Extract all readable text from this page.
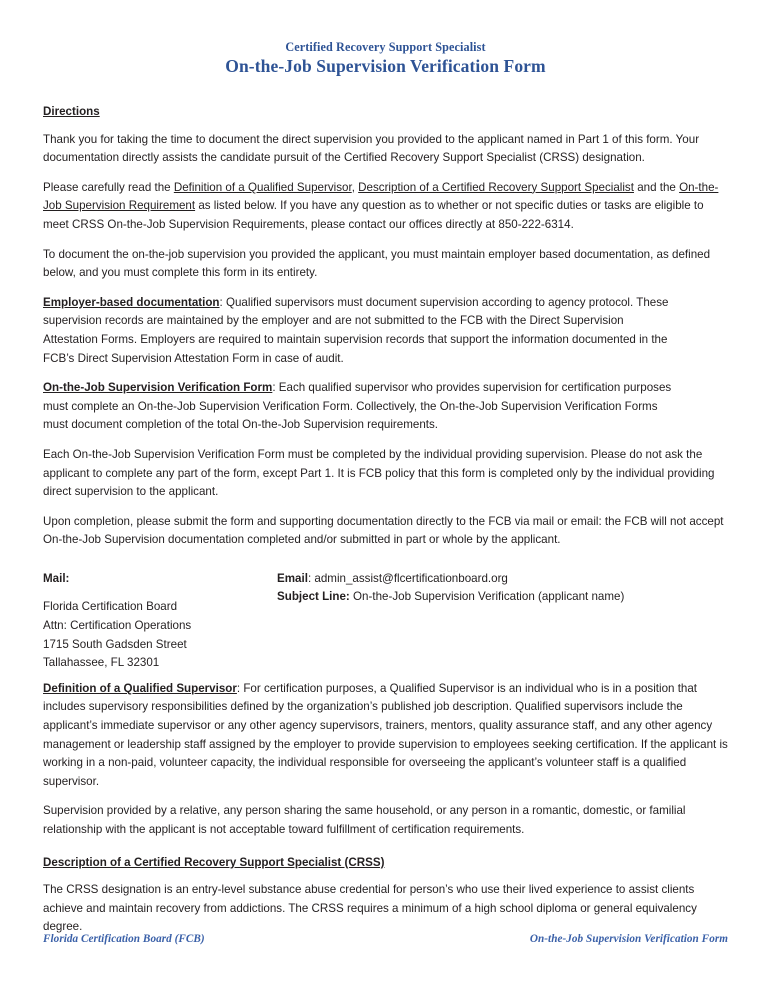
Certified Recovery Support Specialist
On-the-Job Supervision Verification Form
Directions

Thank you for taking the time to document the direct supervision you provided to the applicant named in Part 1 of this form. Your documentation directly assists the candidate pursuit of the Certified Recovery Support Specialist (CRSS) designation.

Please carefully read the Definition of a Qualified Supervisor, Description of a Certified Recovery Support Specialist and the On-the-Job Supervision Requirement as listed below. If you have any question as to whether or not specific duties or tasks are eligible to meet CRSS On-the-Job Supervision Requirements, please contact our offices directly at 850-222-6314.

To document the on-the-job supervision you provided the applicant, you must maintain employer based documentation, as defined below, and you must complete this form in its entirety.

Employer-based documentation: Qualified supervisors must document supervision according to agency protocol. These supervision records are maintained by the employer and are not submitted to the FCB with the Direct Supervision Attestation Forms. Employers are required to maintain supervision records that support the information documented in the FCB’s Direct Supervision Attestation Form in case of audit.

On-the-Job Supervision Verification Form: Each qualified supervisor who provides supervision for certification purposes must complete an On-the-Job Supervision Verification Form. Collectively, the On-the-Job Supervision Verification Forms must document completion of the total On-the-Job Supervision requirements.

Each On-the-Job Supervision Verification Form must be completed by the individual providing supervision. Please do not ask the applicant to complete any part of the form, except Part 1. It is FCB policy that this form is completed only by the individual providing direct supervision to the applicant.

Upon completion, please submit the form and supporting documentation directly to the FCB via mail or email: the FCB will not accept On-the-Job Supervision documentation completed and/or submitted in part or whole by the applicant.

Mail:
Florida Certification Board
Attn: Certification Operations
1715 South Gadsden Street
Tallahassee, FL 32301
Email: admin_assist@flcertificationboard.org
Subject Line: On-the-Job Supervision Verification (applicant name)

Definition of a Qualified Supervisor: For certification purposes, a Qualified Supervisor is an individual who is in a position that includes supervisory responsibilities defined by the organization’s published job description. Qualified supervisors include the applicant’s immediate supervisor or any other agency supervisors, trainers, mentors, quality assurance staff, and any other agency management or leadership staff assigned by the employer to provide supervision to employees seeking certification. If the applicant is working in a non-paid, volunteer capacity, the individual responsible for overseeing the applicant’s volunteer staff is a qualified supervisor.

Supervision provided by a relative, any person sharing the same household, or any person in a romantic, domestic, or familial relationship with the applicant is not acceptable toward fulfillment of certification requirements.

Description of a Certified Recovery Support Specialist (CRSS)

The CRSS designation is an entry-level substance abuse credential for person’s who use their lived experience to assist clients achieve and maintain recovery from addictions. The CRSS requires a minimum of a high school diploma or general equivalency degree.

Florida Certification Board (FCB)	On-the-Job Supervision Verification Form
